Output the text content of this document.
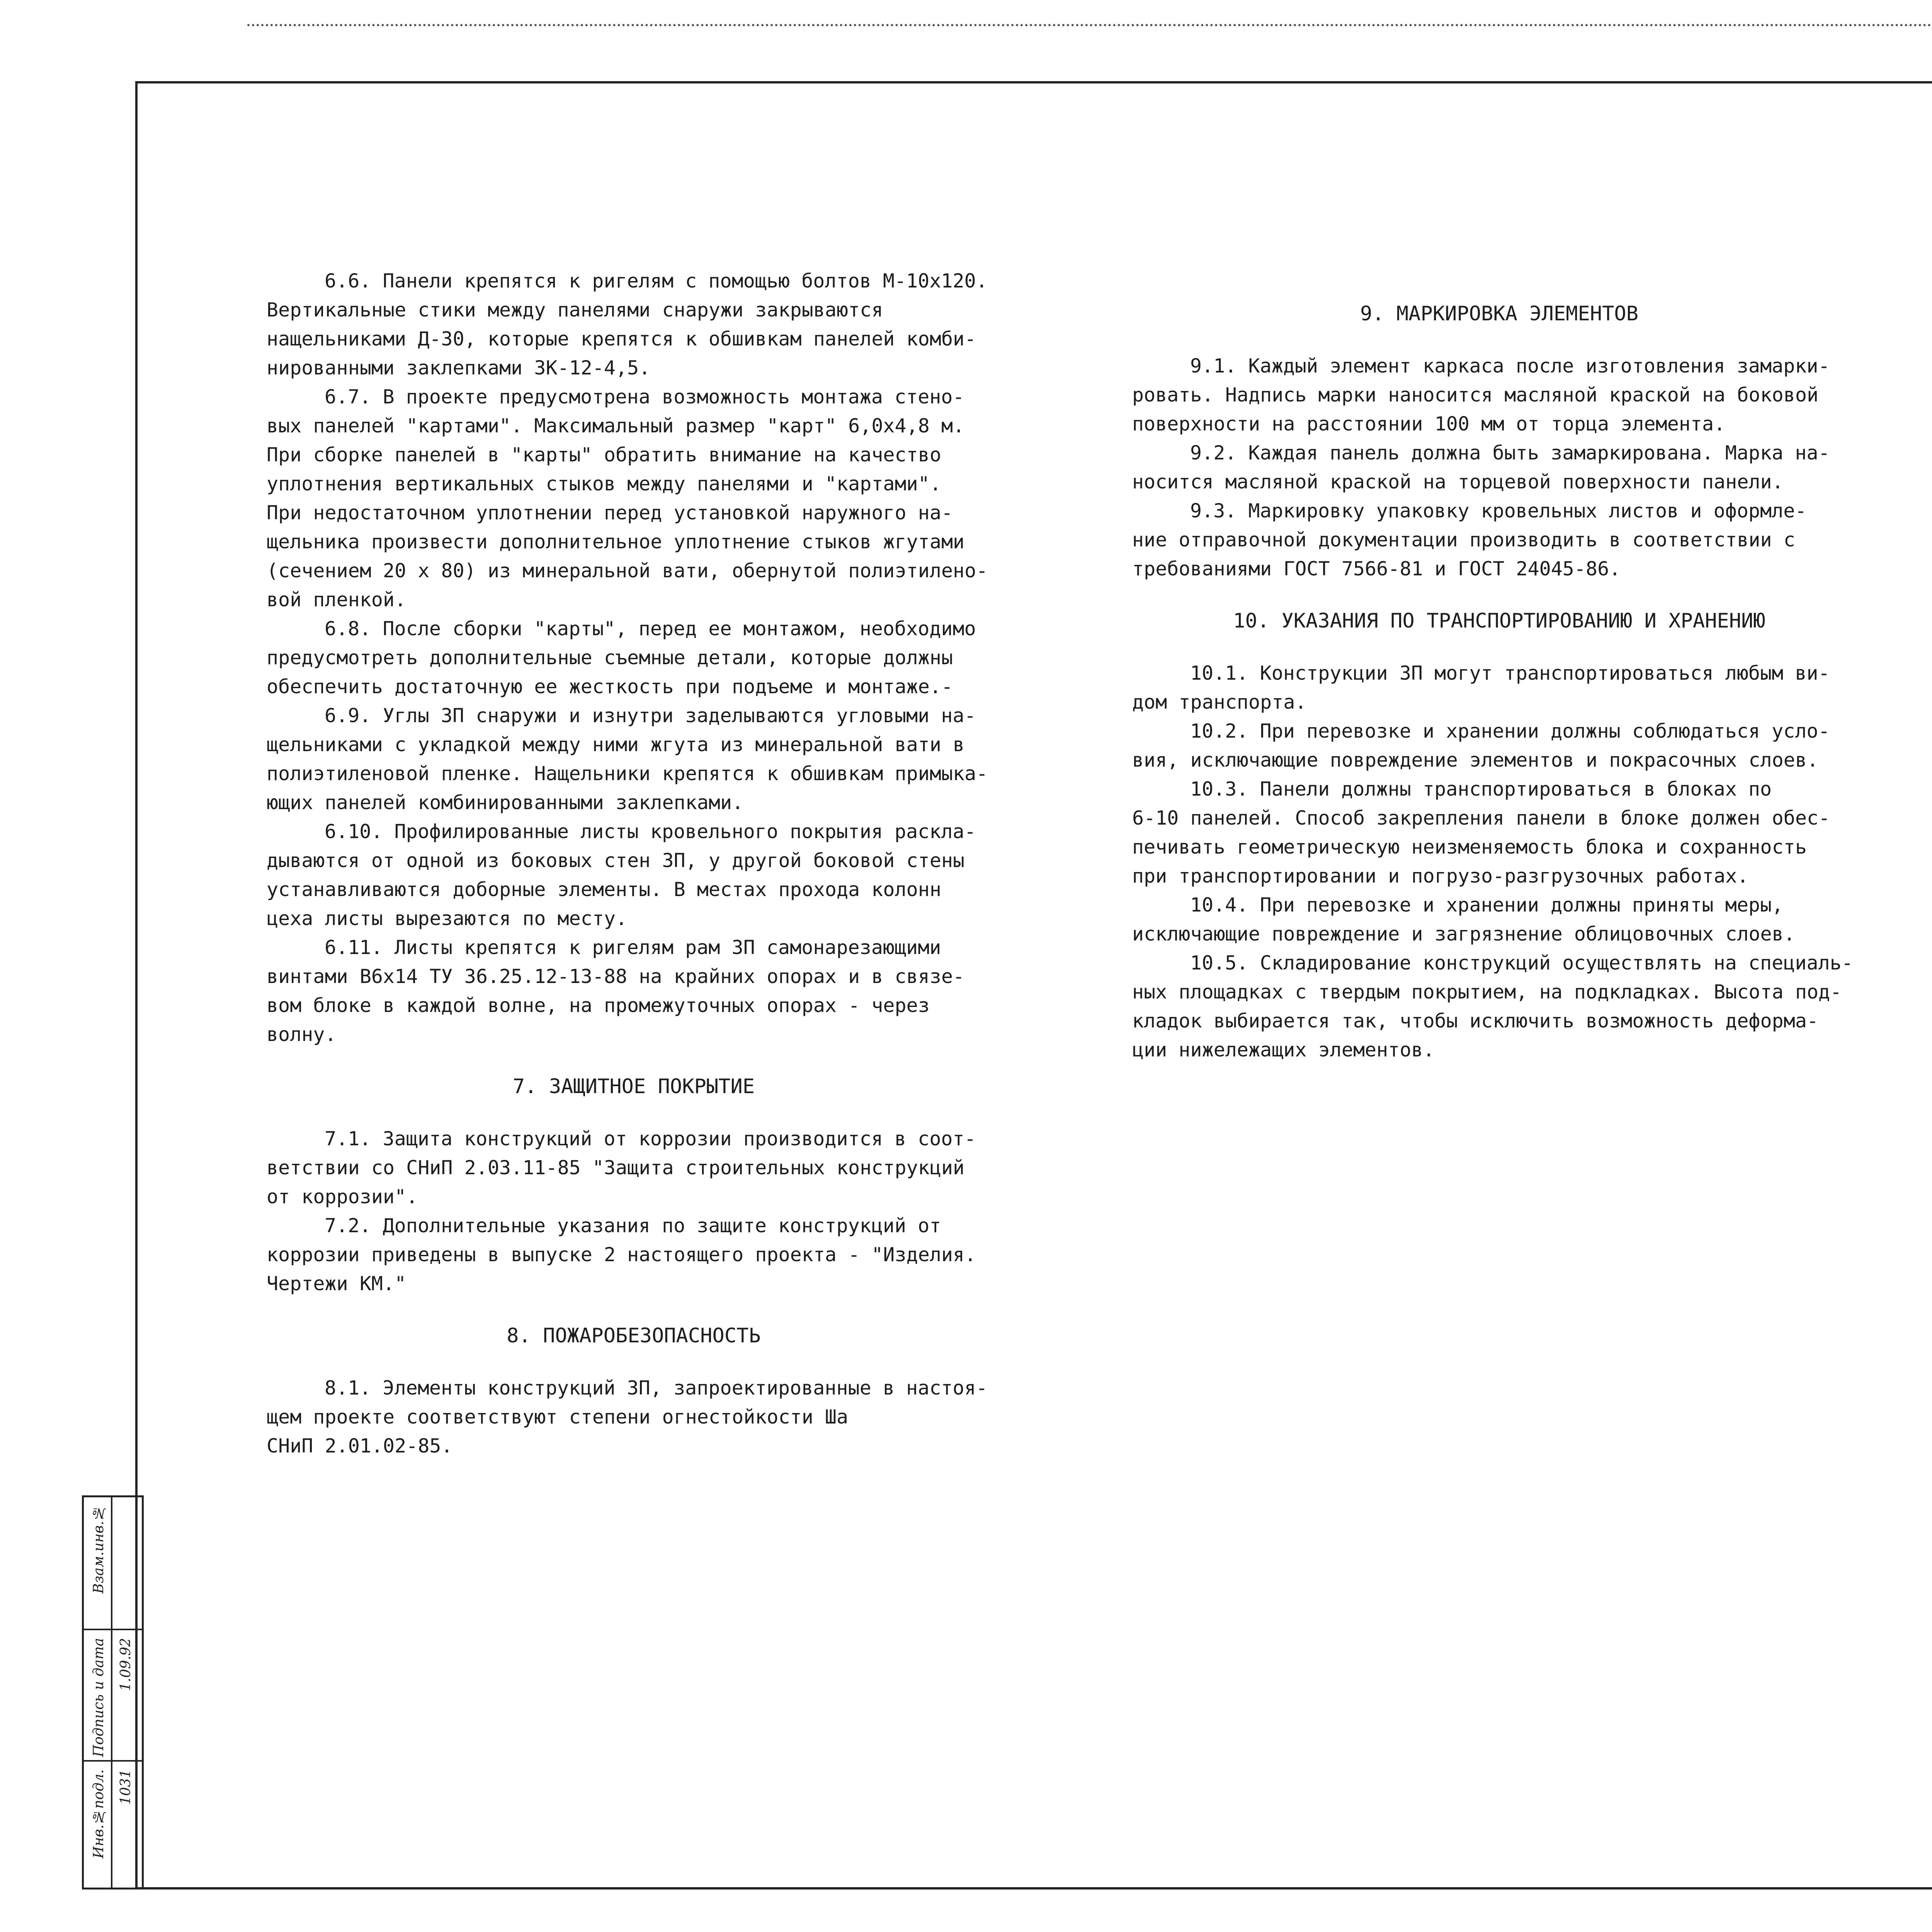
6.6. Панели крепятся к ригелям с помощью болтов М-10х120.

Вертикальные стики между панелями снаружи закрываются

нащельниками Д-30, которые крепятся к обшивкам панелей комби-

нированными заклепками ЗК-12-4,5.

6.7. В проекте предусмотрена возможность монтажа стено-

вых панелей "картами". Максимальный размер "карт" 6,0х4,8 м.

При сборке панелей в "карты" обратить внимание на качество

уплотнения вертикальных стыков между панелями и "картами".

При недостаточном уплотнении перед установкой наружного на-

щельника произвести дополнительное уплотнение стыков жгутами

(сечением 20 х 80) из минеральной вати, обернутой полиэтилено-

вой пленкой.

6.8. После сборки "карты", перед ее монтажом, необходимо

предусмотреть дополнительные съемные детали, которые должны

обеспечить достаточную ее жесткость при подъеме и монтаже.-

6.9. Углы ЗП снаружи и изнутри заделываются угловыми на-

щельниками с укладкой между ними жгута из минеральной вати в

полиэтиленовой пленке. Нащельники крепятся к обшивкам примыка-

ющих панелей комбинированными заклепками.

6.10. Профилированные листы кровельного покрытия раскла-

дываются от одной из боковых стен ЗП, у другой боковой стены

устанавливаются доборные элементы. В местах прохода колонн

цеха листы вырезаются по месту.

6.11. Листы крепятся к ригелям рам ЗП самонарезающими

винтами В6х14 ТУ 36.25.12-13-88 на крайних опорах и в связе-

вом блоке в каждой волне, на промежуточных опорах - через

волну.

7. ЗАЩИТНОЕ ПОКРЫТИЕ

7.1. Защита конструкций от коррозии производится в соот-

ветствии со СНиП 2.03.11-85 "Защита строительных конструкций

от коррозии".

7.2. Дополнительные указания по защите конструкций от

коррозии приведены в выпуске 2 настоящего проекта - "Изделия.

Чертежи КМ."

8. ПОЖАРОБЕЗОПАСНОСТЬ

8.1. Элементы конструкций ЗП, запроектированные в настоя-

щем проекте соответствуют степени огнестойкости Ша

СНиП 2.01.02-85.

9. МАРКИРОВКА ЭЛЕМЕНТОВ

9.1. Каждый элемент каркаса после изготовления замарки-

ровать. Надпись марки наносится масляной краской на боковой

поверхности на расстоянии 100 мм от торца элемента.

9.2. Каждая панель должна быть замаркирована. Марка на-

носится масляной краской на торцевой поверхности панели.

9.3. Маркировку упаковку кровельных листов и оформле-

ние отправочной документации производить в соответствии с

требованиями ГОСТ 7566-81 и ГОСТ 24045-86.

10. УКАЗАНИЯ ПО ТРАНСПОРТИРОВАНИЮ И ХРАНЕНИЮ

10.1. Конструкции ЗП могут транспортироваться любым ви-

дом транспорта.

10.2. При перевозке и хранении должны соблюдаться усло-

вия, исключающие повреждение элементов и покрасочных слоев.

10.3. Панели должны транспортироваться в блоках по

6-10 панелей. Способ закрепления панели в блоке должен обес-

печивать геометрическую неизменяемость блока и сохранность

при транспортировании и погрузо-разгрузочных работах.

10.4. При перевозке и хранении должны приняты меры,

исключающие повреждение и загрязнение облицовочных слоев.

10.5. Складирование конструкций осуществлять на специаль-

ных площадках с твердым покрытием, на подкладках. Высота под-

кладок выбирается так, чтобы исключить возможность деформа-

ции нижележащих элементов.

Взам.инв.№
Подпись и дата 1.09.92
Инв.№подл. 1031
